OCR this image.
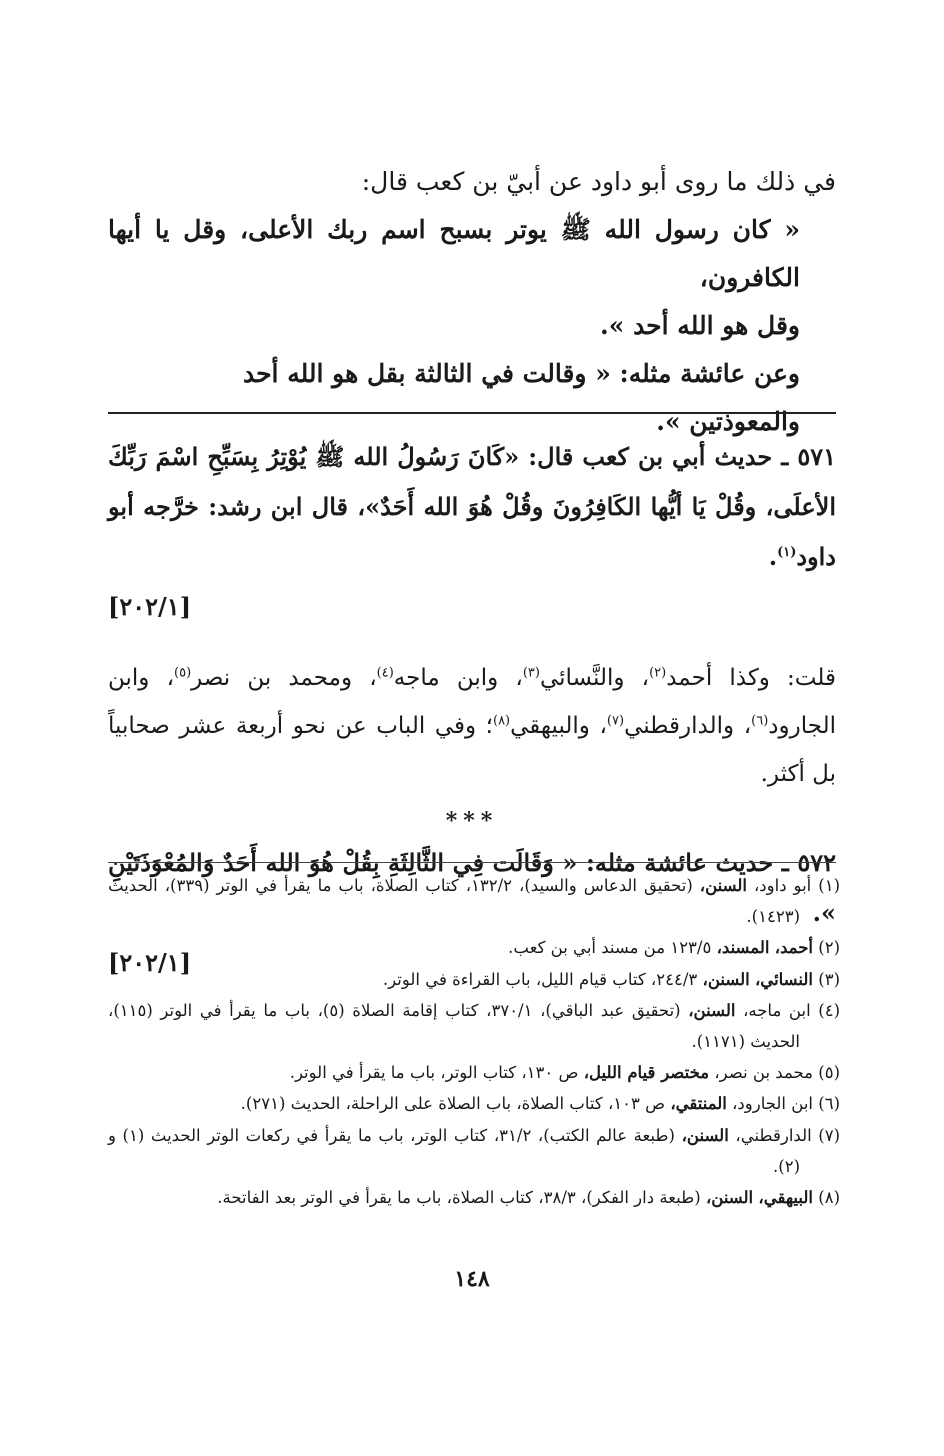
في ذلك ما روى أبو داود عن أبيّ بن كعب قال:

« كان رسول الله ﷺ يوتر بسبح اسم ربك الأعلى، وقل يا أيها الكافرون،

وقل هو الله أحد ».

وعن عائشة مثله: « وقالت في الثالثة بقل هو الله أحد

والمعوذتين ».

٥٧١ ـ حديث أبي بن كعب قال: «كَانَ رَسُولُ الله ﷺ يُوْتِرُ بِسَبِّحِ اسْمَ رَبِّكَ الأعلَى، وقُلْ يَا أيُّها الكَافِرُونَ وقُلْ هُوَ الله أَحَدٌ»، قال ابن رشد: خرَّجه أبو داود$^{(١)}$.

[٢٠٢/١]

قلت: وكذا أحمد$^{(٢)}$، والنَّسائي$^{(٣)}$، وابن ماجه$^{(٤)}$، ومحمد بن نصر$^{(٥)}$، وابن الجارود$^{(٦)}$، والدارقطني$^{(٧)}$، والبيهقي$^{(٨)}$؛ وفي الباب عن نحو أربعة عشر صحابياً بل أكثر.

***

٥٧٢ ـ حديث عائشة مثله: « وَقَالَت فِي الثَّالِثَةِ بِقُلْ هُوَ الله أَحَدٌ وَالمُعْوَذَتَيْنِ ».

[٢٠٢/١]

(١) أبو داود، السنن، (تحقيق الدعاس والسيد)، ١٣٢/٢، كتاب الصلاة، باب ما يقرأ في الوتر (٣٣٩)، الحديث (١٤٢٣).
(٢) أحمد، المسند، ١٢٣/٥ من مسند أبي بن كعب.
(٣) النسائي، السنن، ٢٤٤/٣، كتاب قيام الليل، باب القراءة في الوتر.
(٤) ابن ماجه، السنن، (تحقيق عبد الباقي)، ٣٧٠/١، كتاب إقامة الصلاة (٥)، باب ما يقرأ في الوتر (١١٥)، الحديث (١١٧١).
(٥) محمد بن نصر، مختصر قيام الليل، ص ١٣٠، كتاب الوتر، باب ما يقرأ في الوتر.
(٦) ابن الجارود، المنتقي، ص ١٠٣، كتاب الصلاة، باب الصلاة على الراحلة، الحديث (٢٧١).
(٧) الدارقطني، السنن، (طبعة عالم الكتب)، ٣١/٢، كتاب الوتر، باب ما يقرأ في ركعات الوتر الحديث (١) و (٢).
(٨) البيهقي، السنن، (طبعة دار الفكر)، ٣٨/٣، كتاب الصلاة، باب ما يقرأ في الوتر بعد الفاتحة.
١٤٨
